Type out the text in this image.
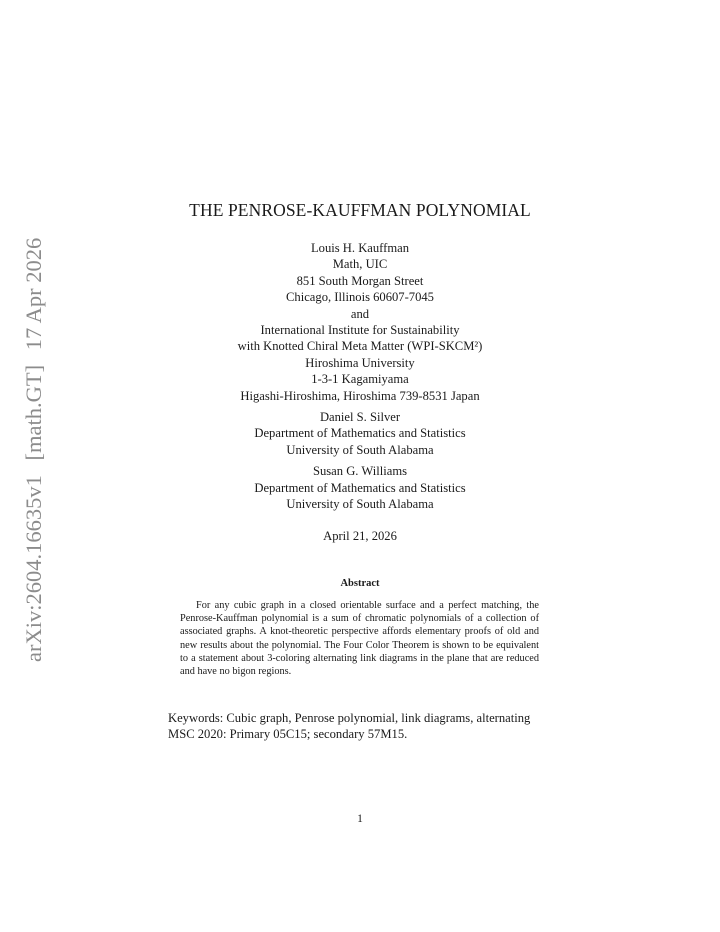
arXiv:2604.16635v1 [math.GT] 17 Apr 2026
THE PENROSE-KAUFFMAN POLYNOMIAL
Louis H. Kauffman
Math, UIC
851 South Morgan Street
Chicago, Illinois 60607-7045
and
International Institute for Sustainability
with Knotted Chiral Meta Matter (WPI-SKCM²)
Hiroshima University
1-3-1 Kagamiyama
Higashi-Hiroshima, Hiroshima 739-8531 Japan
Daniel S. Silver
Department of Mathematics and Statistics
University of South Alabama
Susan G. Williams
Department of Mathematics and Statistics
University of South Alabama
April 21, 2026
Abstract
For any cubic graph in a closed orientable surface and a perfect matching, the Penrose-Kauffman polynomial is a sum of chromatic polynomials of a collection of associated graphs. A knot-theoretic perspective affords elementary proofs of old and new results about the polynomial. The Four Color Theorem is shown to be equivalent to a statement about 3-coloring alternating link diagrams in the plane that are reduced and have no bigon regions.
Keywords: Cubic graph, Penrose polynomial, link diagrams, alternating
MSC 2020: Primary 05C15; secondary 57M15.
1
